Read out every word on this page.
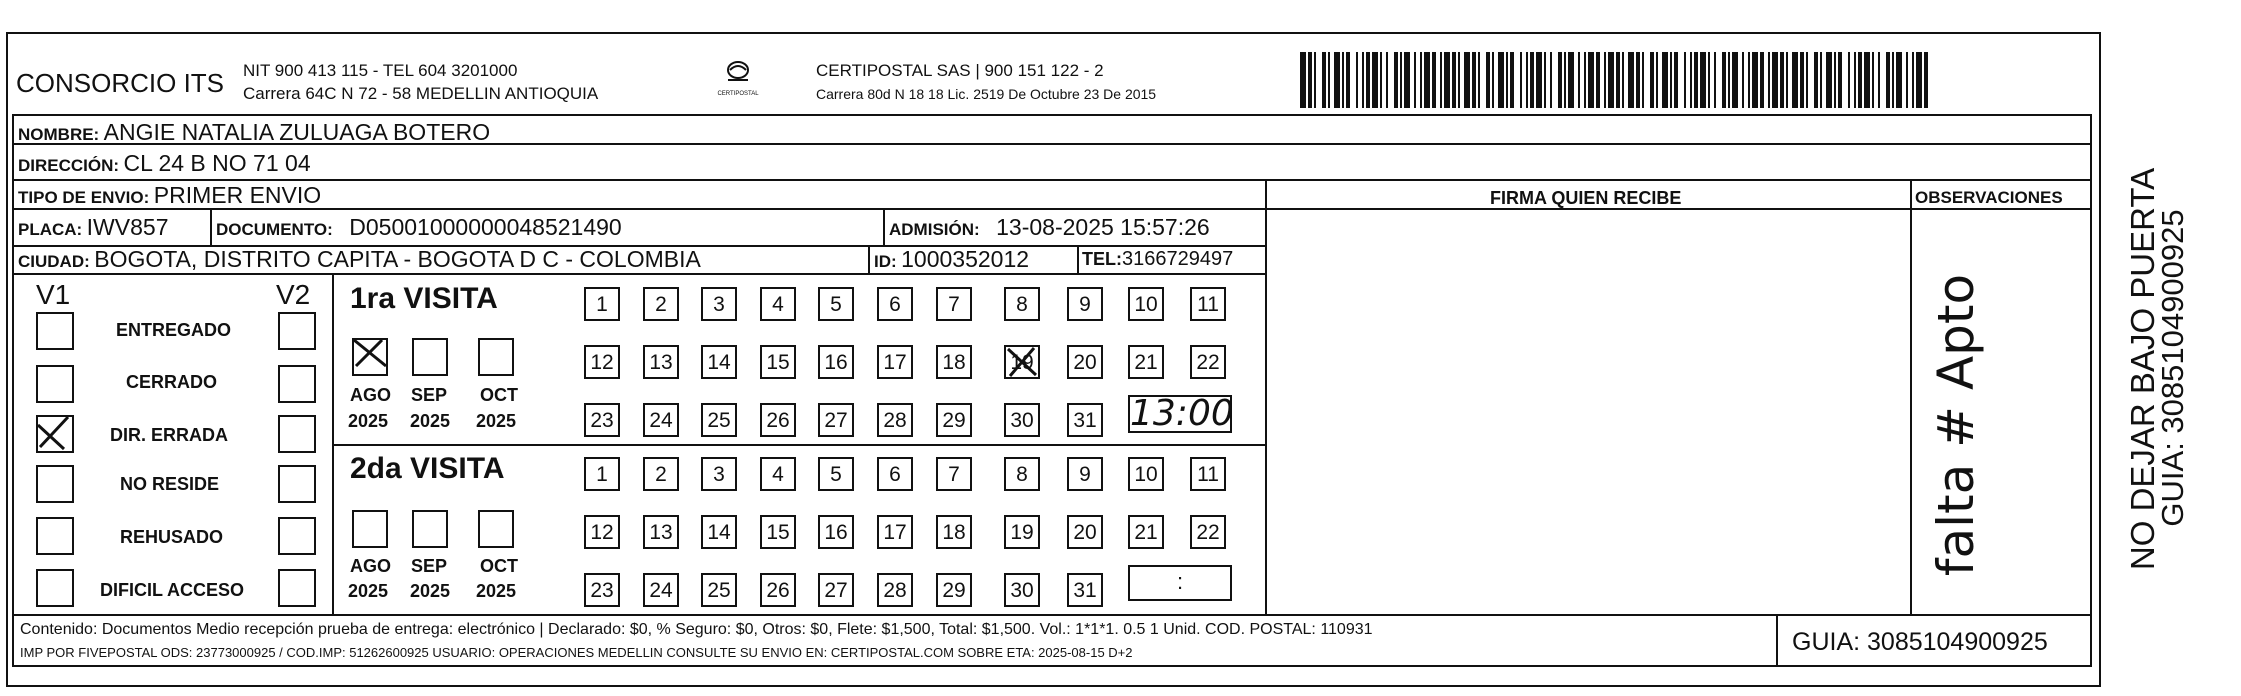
CONSORCIO ITS NIT 900 413 115 - TEL 604 3201000
Carrera 64C N 72 - 58 MEDELLIN ANTIOQUIA	CERTIPOSTAL
CERTIPOSTAL SAS | 900 151 122 - 2
Carrera 80d N 18 18 Lic. 2519 De Octubre 23 De 2015
NOMBRE: ANGIE NATALIA ZULUAGA BOTERO
DIRECCIÓN: CL 24 B NO 71 04
TIPO DE ENVIO: PRIMER ENVIO	FIRMA QUIEN RECIBE	OBSERVACIONES
PLACA: IWV857	DOCUMENTO: D05001000000048521490	ADMISIÓN: 13-08-2025 15:57:26
CIUDAD: BOGOTA, DISTRITO CAPITA - BOGOTA D C - COLOMBIA	ID: 1000352012	TEL:3166729497
V1	V2
ENTREGADO
CERRADO
DIR. ERRADA
NO RESIDE
REHUSADO
DIFICIL ACCESO
1ra VISITA
AGO SEP OCT
2025 2025 2025	13:00
2da VISITA
AGO SEP OCT
2025 2025 2025	:
falta # Apto	NO DEJAR BAJO PUERTA
GUIA: 3085104900925
Contenido: Documentos Medio recepción prueba de entrega: electrónico | Declarado: $0, % Seguro: $0, Otros: $0, Flete: $1,500, Total: $1,500. Vol.: 1*1*1. 0.5 1 Unid. COD. POSTAL: 110931
IMP POR FIVEPOSTAL ODS: 23773000925 / COD.IMP: 51262600925 USUARIO: OPERACIONES MEDELLIN CONSULTE SU ENVIO EN: CERTIPOSTAL.COM SOBRE ETA: 2025-08-15 D+2	GUIA: 3085104900925
1	2	3	4	5	6	7	8	9	10	11
12	13	14	15	16	17	18	19	20	21	22
23	24	25	26	27	28	29	30	31
1	2	3	4	5	6	7	8	9	10	11
12	13	14	15	16	17	18	19	20	21	22
23	24	25	26	27	28	29	30	31
